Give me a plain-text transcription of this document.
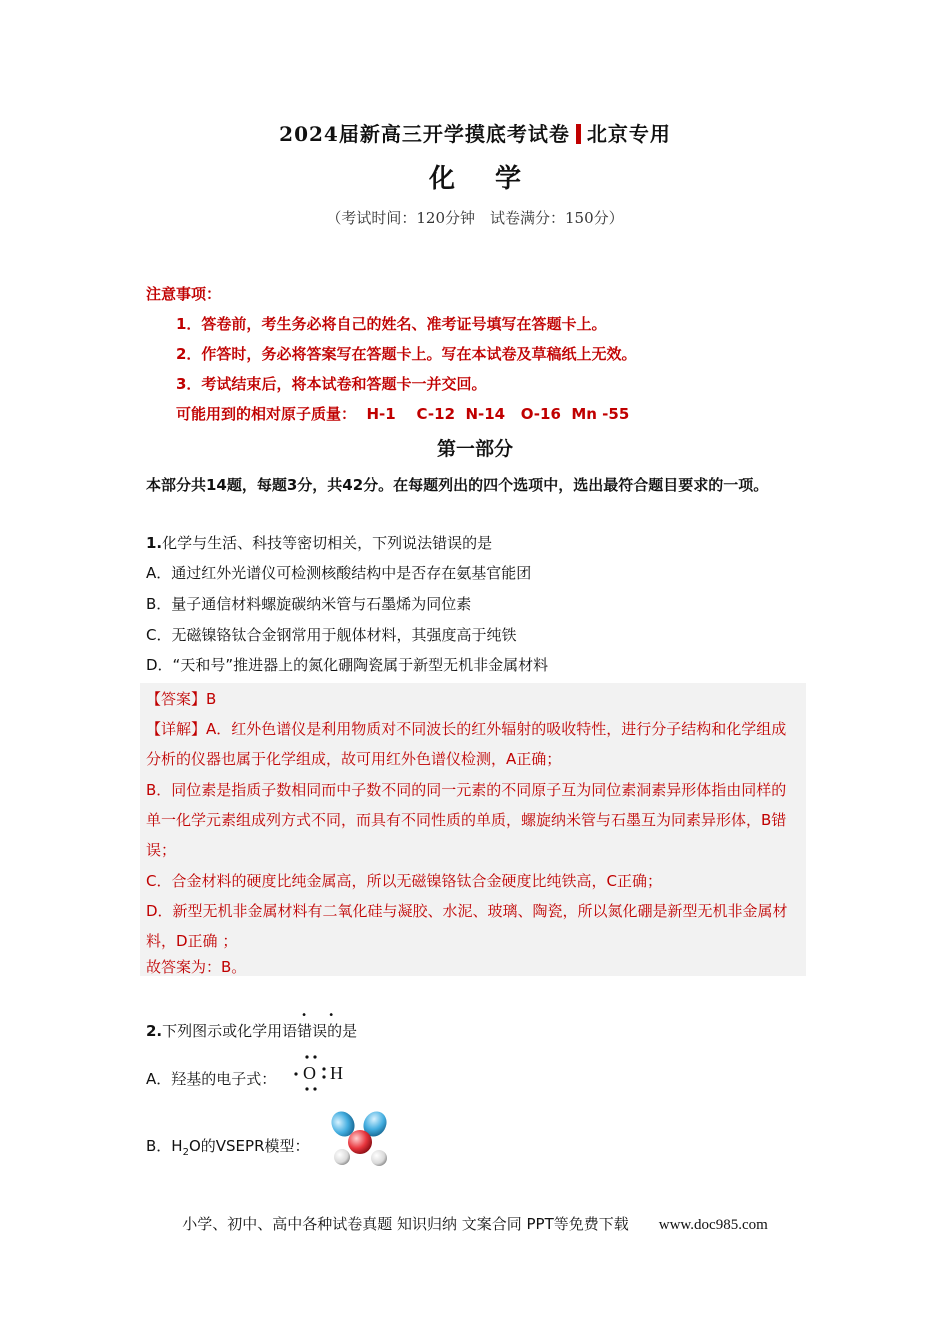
2024届新高三开学摸底考试卷 北京专用
化学
（考试时间：120分钟　试卷满分：150分）
注意事项：
1．答卷前，考生务必将自己的姓名、准考证号填写在答题卡上。
2．作答时，务必将答案写在答题卡上。写在本试卷及草稿纸上无效。
3．考试结束后，将本试卷和答题卡一并交回。
可能用到的相对原子质量：  H-1    C-12  N-14   O-16  Mn -55
第一部分
本部分共14题，每题3分，共42分。在每题列出的四个选项中，选出最符合题目要求的一项。
1.化学与生活、科技等密切相关，下列说法错误的是
A．通过红外光谱仪可检测核酸结构中是否存在氨基官能团
B．量子通信材料螺旋碳纳米管与石墨烯为同位素
C．无磁镍铬钛合金钢常用于舰体材料，其强度高于纯铁
D．“天和号”推进器上的氮化硼陶瓷属于新型无机非金属材料
【答案】B
【详解】A．红外色谱仪是利用物质对不同波长的红外辐射的吸收特性，进行分子结构和化学组成分析的仪器也属于化学组成，故可用红外色谱仪检测，A正确；
B．同位素是指质子数相同而中子数不同的同一元素的不同原子互为同位素洞素异形体指由同样的单一化学元素组成列方式不同，而具有不同性质的单质，螺旋纳米管与石墨互为同素异形体，B错误；
C．合金材料的硬度比纯金属高，所以无磁镍铬钛合金硬度比纯铁高，C正确；
D．新型无机非金属材料有二氧化硅与凝胶、水泥、玻璃、陶瓷，所以氮化硼是新型无机非金属材料，D正确 ；
故答案为：B。
2.下列图示或化学用语错误
• •
的是
A．羟基的电子式： O H
B．$H_2O$的VSEPR模型：
小学、初中、高中各种试卷真题 知识归纳 文案合同 PPT等免费下载 www.doc985.com
